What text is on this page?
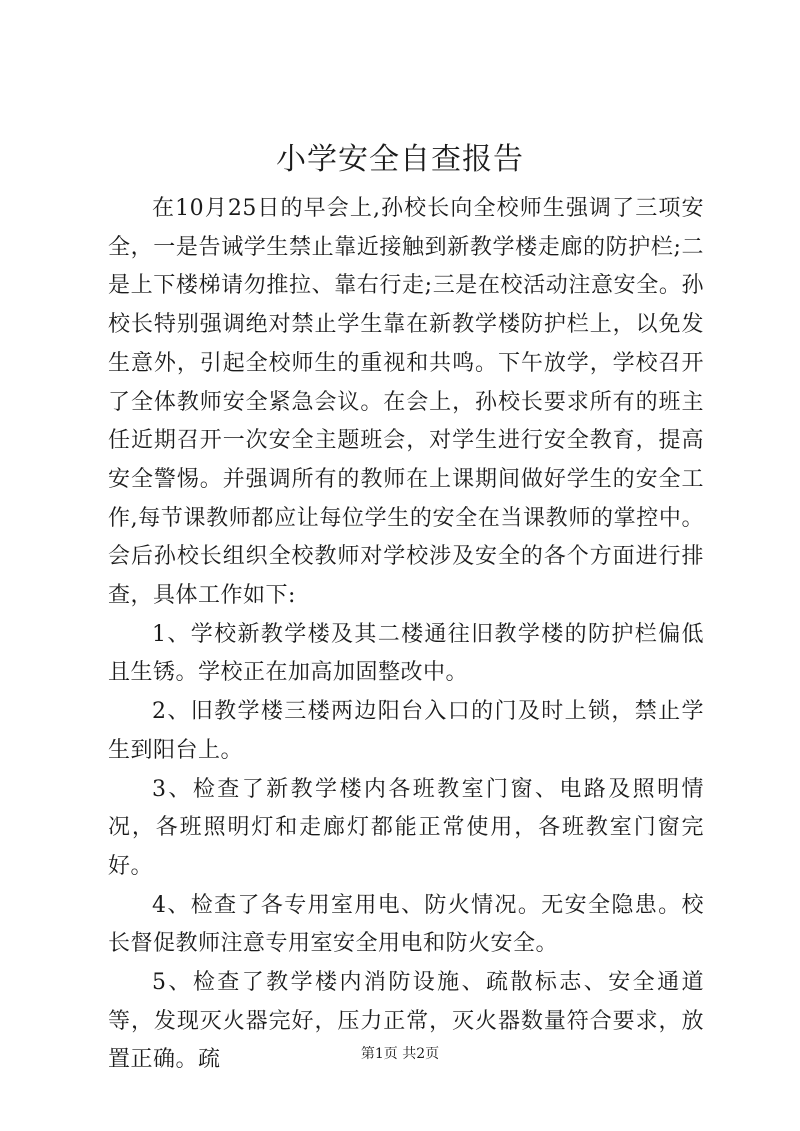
小学安全自查报告

在10月25日的早会上,孙校长向全校师生强调了三项安全，一是告诫学生禁止靠近接触到新教学楼走廊的防护栏;二是上下楼梯请勿推拉、靠右行走;三是在校活动注意安全。孙校长特别强调绝对禁止学生靠在新教学楼防护栏上，以免发生意外，引起全校师生的重视和共鸣。下午放学，学校召开了全体教师安全紧急会议。在会上，孙校长要求所有的班主任近期召开一次安全主题班会，对学生进行安全教育，提高安全警惕。并强调所有的教师在上课期间做好学生的安全工作,每节课教师都应让每位学生的安全在当课教师的掌控中。会后孙校长组织全校教师对学校涉及安全的各个方面进行排查，具体工作如下:

1、学校新教学楼及其二楼通往旧教学楼的防护栏偏低且生锈。学校正在加高加固整改中。

2、旧教学楼三楼两边阳台入口的门及时上锁，禁止学生到阳台上。

3、检查了新教学楼内各班教室门窗、电路及照明情况，各班照明灯和走廊灯都能正常使用，各班教室门窗完好。

4、检查了各专用室用电、防火情况。无安全隐患。校长督促教师注意专用室安全用电和防火安全。

5、检查了教学楼内消防设施、疏散标志、安全通道等，发现灭火器完好，压力正常，灭火器数量符合要求，放置正确。疏	第1页 共2页
